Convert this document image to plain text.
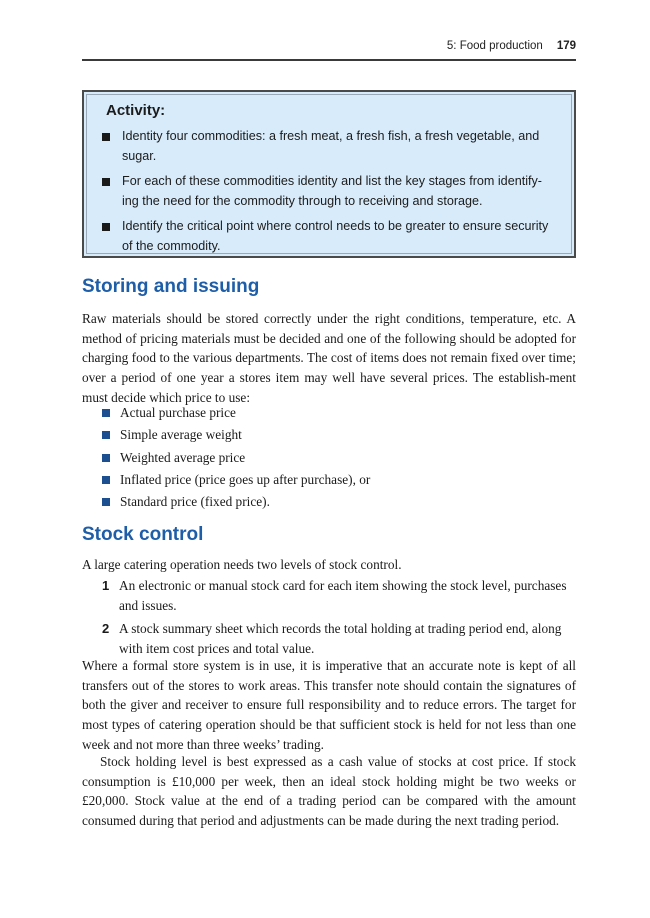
5: Food production 179
Activity:
Identity four commodities: a fresh meat, a fresh fish, a fresh vegetable, and sugar.
For each of these commodities identity and list the key stages from identify-ing the need for the commodity through to receiving and storage.
Identify the critical point where control needs to be greater to ensure security of the commodity.
Storing and issuing

Raw materials should be stored correctly under the right conditions, temperature, etc. A method of pricing materials must be decided and one of the following should be adopted for charging food to the various departments. The cost of items does not remain fixed over time; over a period of one year a stores item may well have several prices. The establish-ment must decide which price to use:

Actual purchase price
Simple average weight
Weighted average price
Inflated price (price goes up after purchase), or
Standard price (fixed price).
Stock control

A large catering operation needs two levels of stock control.

1 An electronic or manual stock card for each item showing the stock level, purchases and issues.
2 A stock summary sheet which records the total holding at trading period end, along with item cost prices and total value.

Where a formal store system is in use, it is imperative that an accurate note is kept of all transfers out of the stores to work areas. This transfer note should contain the signatures of both the giver and receiver to ensure full responsibility and to reduce errors. The target for most types of catering operation should be that sufficient stock is held for not less than one week and not more than three weeks’ trading.

Stock holding level is best expressed as a cash value of stocks at cost price. If stock consumption is £10,000 per week, then an ideal stock holding might be two weeks or £20,000. Stock value at the end of a trading period can be compared with the amount consumed during that period and adjustments can be made during the next trading period.
